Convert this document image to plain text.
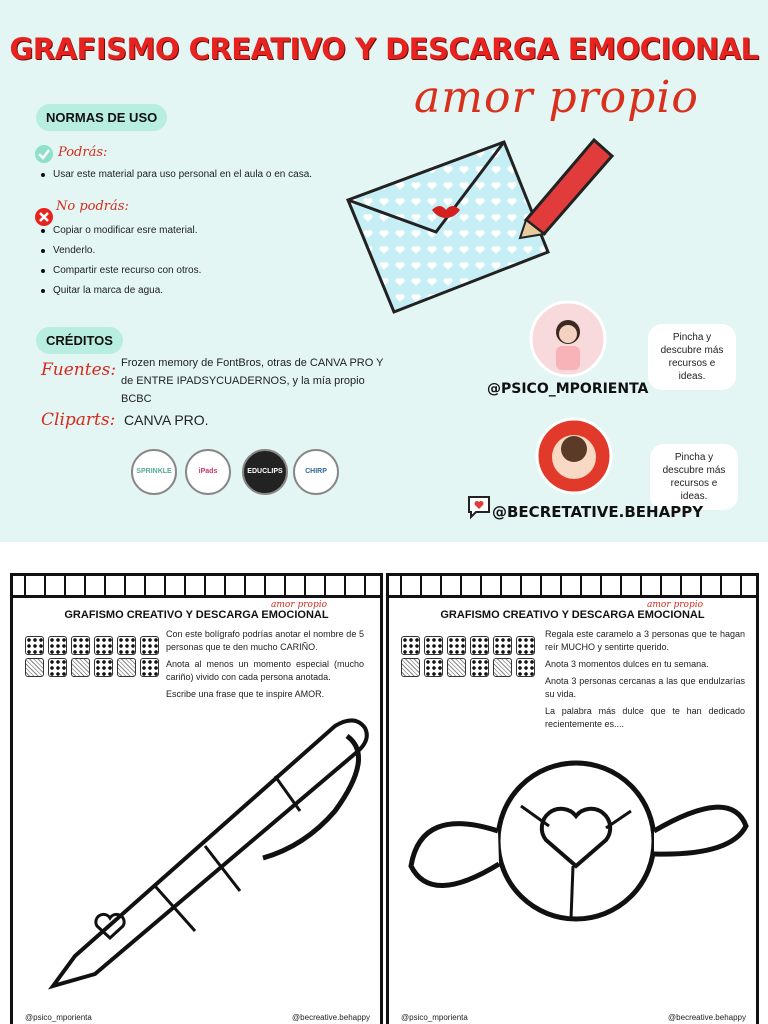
GRAFISMO CREATIVO Y DESCARGA EMOCIONAL
amor propio
NORMAS DE USO
Podrás:
Usar este material para uso personal en el aula o en casa.
No podrás:
Copiar o modificar esre material.
Venderlo.
Compartir este recurso con otros.
Quitar la marca de agua.
CRÉDITOS
Fuentes: Frozen memory de FontBros, otras de CANVA PRO Y de ENTRE IPADSYCUADERNOS, y la mía propio BCBC
Cliparts: CANVA PRO.
SPRINKLE	iPads	EDUCLIPS	CHIRP
Pincha y descubre más recursos e ideas.
@PSICO_MPORIENTA
Pincha y descubre más recursos e ideas.
@BECRETATIVE.BEHAPPY
amor propio
GRAFISMO CREATIVO Y DESCARGA EMOCIONAL

Con este bolígrafo podrías anotar el nombre de 5 personas que te den mucho CARIÑO.

Anota al menos un momento especial (mucho cariño) vivido con cada persona anotada.

Escribe una frase que te inspire AMOR.

@psico_mporienta	@becreative.behappy
amor propio
GRAFISMO CREATIVO Y DESCARGA EMOCIONAL

Regala este caramelo a 3 personas que te hagan reír MUCHO y sentirte querido.

Anota 3 momentos dulces en tu semana.

Anota 3 personas cercanas a las que endulzarías su vida.

La palabra más dulce que te han dedicado recientemente es....

@psico_mporienta	@becreative.behappy
